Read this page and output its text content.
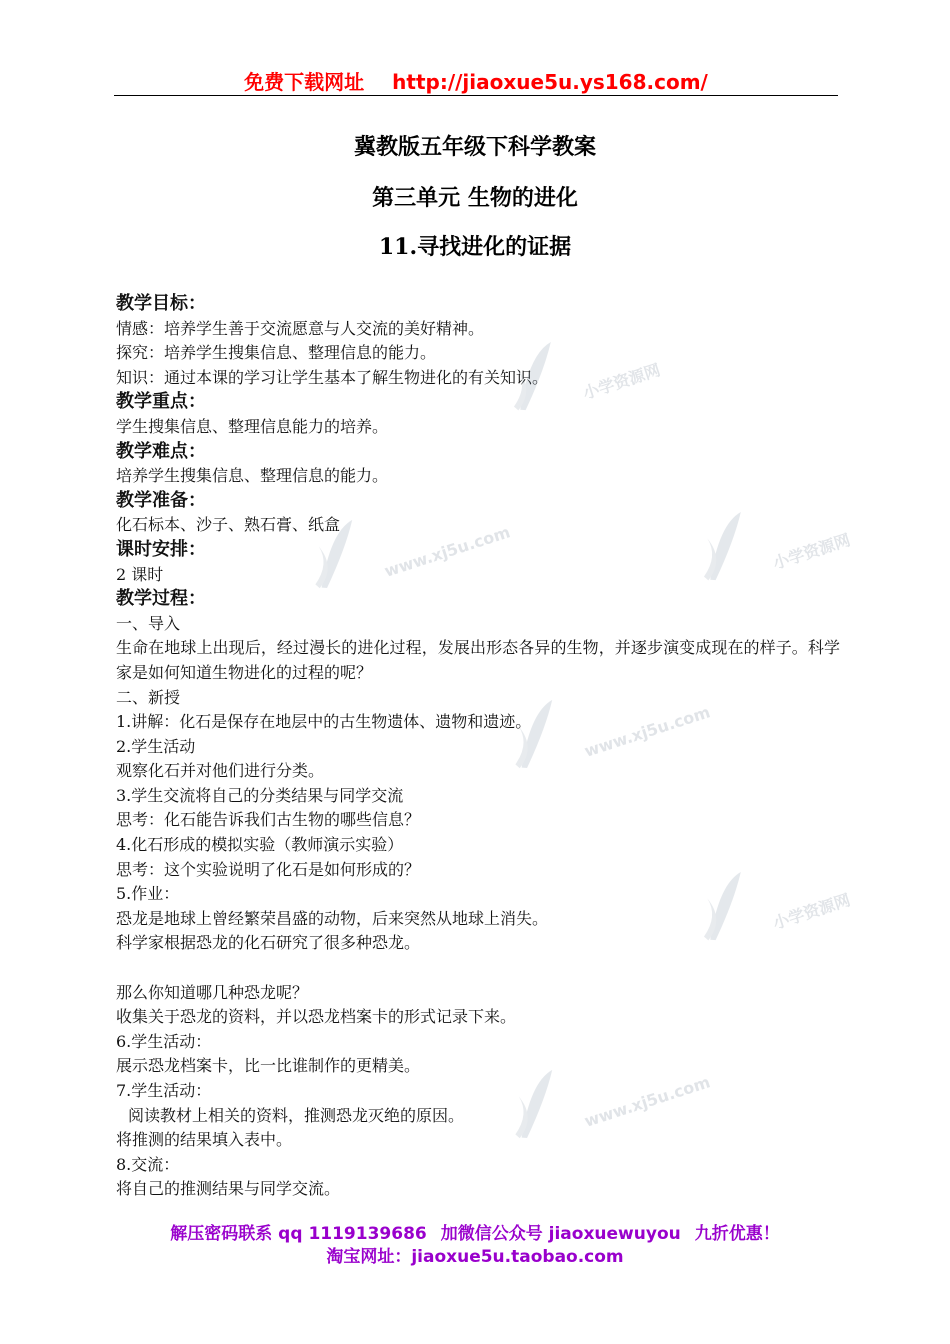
免费下载网址 http://jiaoxue5u.ys168.com/
冀教版五年级下科学教案
第三单元 生物的进化
11.寻找进化的证据
教学目标：
情感：培养学生善于交流愿意与人交流的美好精神。
探究：培养学生搜集信息、整理信息的能力。
知识：通过本课的学习让学生基本了解生物进化的有关知识。
教学重点：
学生搜集信息、整理信息能力的培养。
教学难点：
培养学生搜集信息、整理信息的能力。
教学准备：
化石标本、沙子、熟石膏、纸盒
课时安排：
2 课时
教学过程：
一、导入
生命在地球上出现后，经过漫长的进化过程，发展出形态各异的生物，并逐步演变成现在的样子。科学家是如何知道生物进化的过程的呢？
二、新授
1.讲解：化石是保存在地层中的古生物遗体、遗物和遗迹。
2.学生活动
观察化石并对他们进行分类。
3.学生交流将自己的分类结果与同学交流
思考：化石能告诉我们古生物的哪些信息？
4.化石形成的模拟实验（教师演示实验）
思考：这个实验说明了化石是如何形成的？
5.作业：
恐龙是地球上曾经繁荣昌盛的动物，后来突然从地球上消失。
科学家根据恐龙的化石研究了很多种恐龙。
那么你知道哪几种恐龙呢？
收集关于恐龙的资料，并以恐龙档案卡的形式记录下来。
6.学生活动：
展示恐龙档案卡，比一比谁制作的更精美。
7.学生活动：
阅读教材上相关的资料，推测恐龙灭绝的原因。
将推测的结果填入表中。
8.交流：
将自己的推测结果与同学交流。
小学资源网
www.xj5u.com	小学资源网
www.xj5u.com
小学资源网
www.xj5u.com
解压密码联系 qq 1119139686 加微信公众号 jiaoxuewuyou 九折优惠！
淘宝网址：jiaoxue5u.taobao.com
